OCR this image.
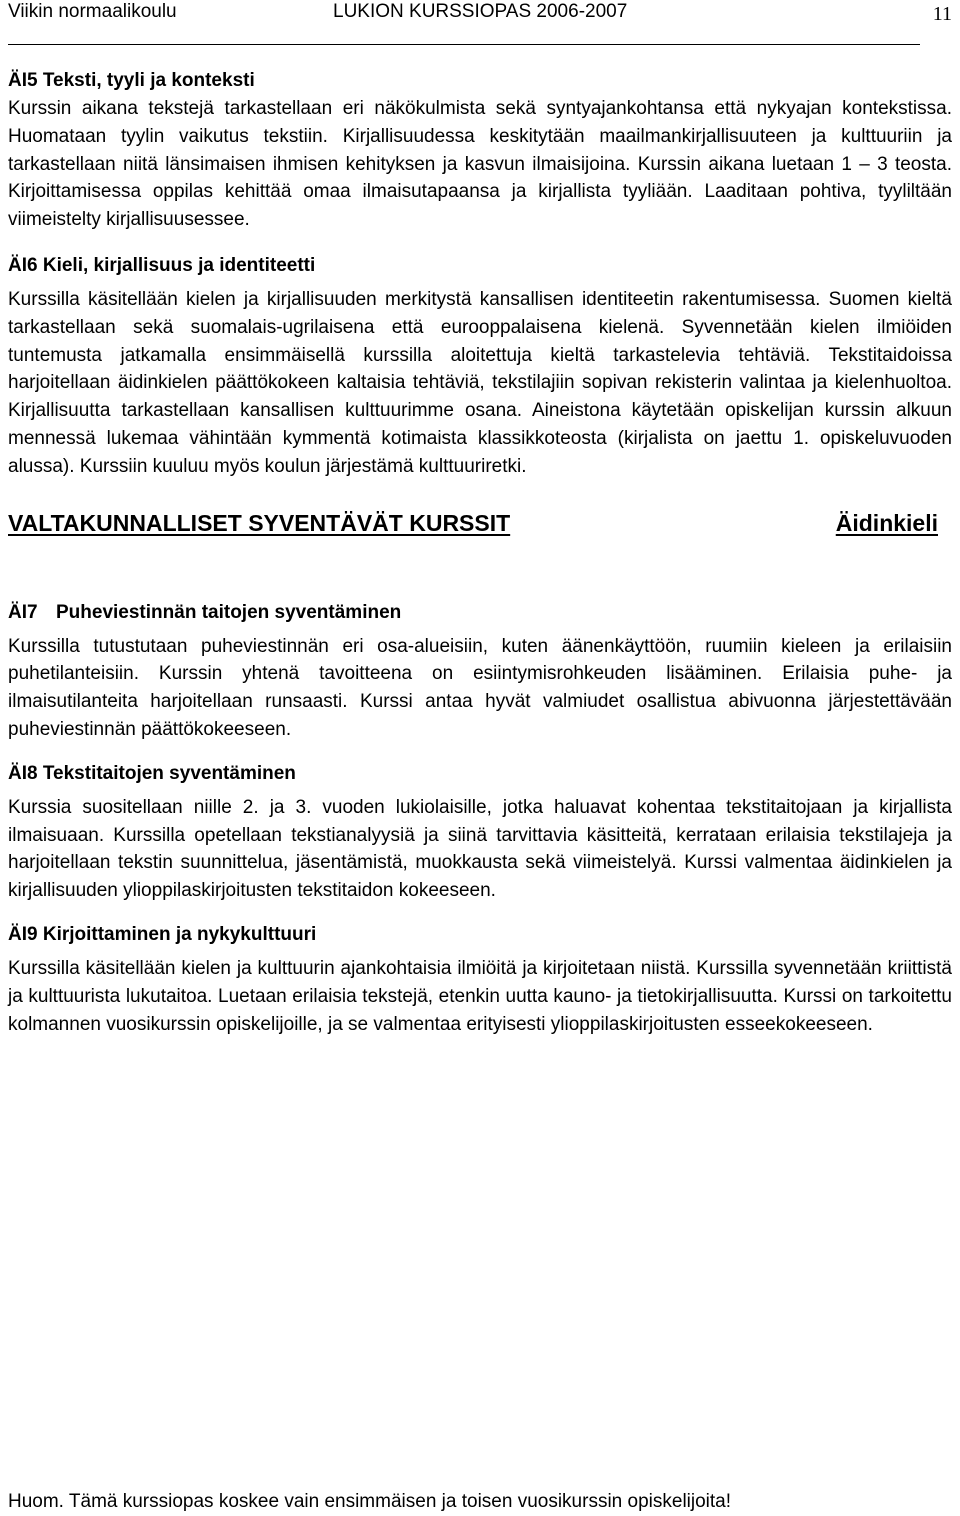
Viikin normaalikoulu	LUKION KURSSIOPAS 2006-2007	11
ÄI5 Teksti, tyyli ja konteksti

Kurssin aikana tekstejä tarkastellaan eri näkökulmista sekä syntyajankohtansa että nykyajan kontekstissa. Huomataan tyylin vaikutus tekstiin. Kirjallisuudessa keskitytään maailmankirjallisuuteen ja kulttuuriin ja tarkastellaan niitä länsimaisen ihmisen kehityksen ja kasvun ilmaisijoina. Kurssin aikana luetaan 1 – 3 teosta. Kirjoittamisessa oppilas kehittää omaa ilmaisutapaansa ja kirjallista tyyliään. Laaditaan pohtiva, tyyliltään viimeistelty kirjallisuusessee.

ÄI6 Kieli, kirjallisuus ja identiteetti

Kurssilla käsitellään kielen ja kirjallisuuden merkitystä kansallisen identiteetin rakentumisessa. Suomen kieltä tarkastellaan sekä suomalais-ugrilaisena että eurooppalaisena kielenä. Syvennetään kielen ilmiöiden tuntemusta jatkamalla ensimmäisellä kurssilla aloitettuja kieltä tarkastelevia tehtäviä. Tekstitaidoissa harjoitellaan äidinkielen päättökokeen kaltaisia tehtäviä, tekstilajiin sopivan rekisterin valintaa ja kielenhuoltoa. Kirjallisuutta tarkastellaan kansallisen kulttuurimme osana. Aineistona käytetään opiskelijan kurssin alkuun mennessä lukemaa vähintään kymmentä kotimaista klassikkoteosta (kirjalista on jaettu 1. opiskeluvuoden alussa). Kurssiin kuuluu myös koulun järjestämä kulttuuriretki.

VALTAKUNNALLISET SYVENTÄVÄT KURSSIT	Äidinkieli
ÄI7 Puheviestinnän taitojen syventäminen

Kurssilla tutustutaan puheviestinnän eri osa-alueisiin, kuten äänenkäyttöön, ruumiin kieleen ja erilaisiin puhetilanteisiin. Kurssin yhtenä tavoitteena on esiintymisrohkeuden lisääminen. Erilaisia puhe- ja ilmaisutilanteita harjoitellaan runsaasti. Kurssi antaa hyvät valmiudet osallistua abivuonna järjestettävään puheviestinnän päättökokeeseen.

ÄI8 Tekstitaitojen syventäminen

Kurssia suositellaan niille 2. ja 3. vuoden lukiolaisille, jotka haluavat kohentaa tekstitaitojaan ja kirjallista ilmaisuaan. Kurssilla opetellaan tekstianalyysiä ja siinä tarvittavia käsitteitä, kerrataan erilaisia tekstilajeja ja harjoitellaan tekstin suunnittelua, jäsentämistä, muokkausta sekä viimeistelyä. Kurssi valmentaa äidinkielen ja kirjallisuuden ylioppilaskirjoitusten tekstitaidon kokeeseen.

ÄI9 Kirjoittaminen ja nykykulttuuri

Kurssilla käsitellään kielen ja kulttuurin ajankohtaisia ilmiöitä ja kirjoitetaan niistä. Kurssilla syvennetään kriittistä ja kulttuurista lukutaitoa. Luetaan erilaisia tekstejä, etenkin uutta kauno- ja tietokirjallisuutta. Kurssi on tarkoitettu kolmannen vuosikurssin opiskelijoille, ja se valmentaa erityisesti ylioppilaskirjoitusten esseekokeeseen.

Huom. Tämä kurssiopas koskee vain ensimmäisen ja toisen vuosikurssin opiskelijoita!
